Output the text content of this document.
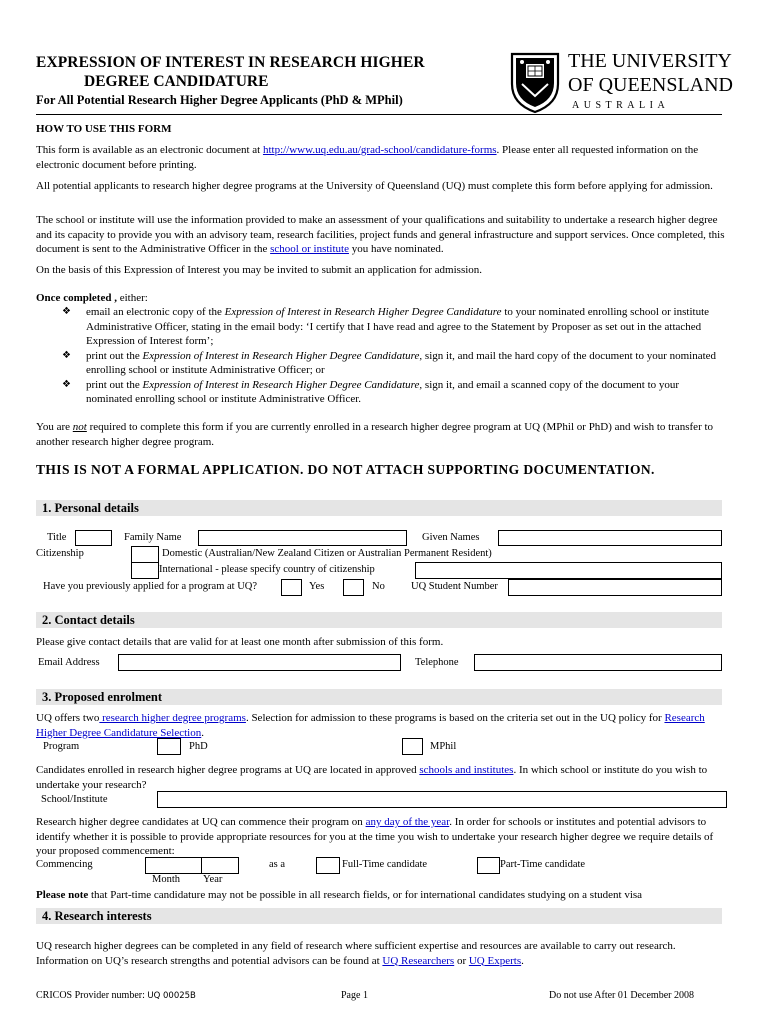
EXPRESSION OF INTEREST IN RESEARCH HIGHER
DEGREE CANDIDATURE
For All Potential Research Higher Degree Applicants (PhD & MPhil)
THE UNIVERSITY
OF QUEENSLAND
AUSTRALIA
HOW TO USE THIS FORM
This form is available as an electronic document at http://www.uq.edu.au/grad-school/candidature-forms. Please enter all requested information on the electronic document before printing.
All potential applicants to research higher degree programs at the University of Queensland (UQ) must complete this form before applying for admission.
The school or institute will use the information provided to make an assessment of your qualifications and suitability to undertake a research higher degree and its capacity to provide you with an advisory team, research facilities, project funds and general infrastructure and support services. Once completed, this document is sent to the Administrative Officer in the school or institute you have nominated.
On the basis of this Expression of Interest you may be invited to submit an application for admission.
Once completed , either:
❖ email an electronic copy of the Expression of Interest in Research Higher Degree Candidature to your nominated enrolling school or institute Administrative Officer, stating in the email body: ‘I certify that I have read and agree to the Statement by Proposer as set out in the attached Expression of Interest form’;
❖ print out the Expression of Interest in Research Higher Degree Candidature, sign it, and mail the hard copy of the document to your nominated enrolling school or institute Administrative Officer; or
❖ print out the Expression of Interest in Research Higher Degree Candidature, sign it, and email a scanned copy of the document to your nominated enrolling school or institute Administrative Officer.
You are not required to complete this form if you are currently enrolled in a research higher degree program at UQ (MPhil or PhD) and wish to transfer to another research higher degree program.
THIS IS NOT A FORMAL APPLICATION. DO NOT ATTACH SUPPORTING DOCUMENTATION.
1. Personal details
Title	Family Name	Given Names
Citizenship	Domestic (Australian/New Zealand Citizen or Australian Permanent Resident)
International - please specify country of citizenship
Have you previously applied for a program at UQ?	Yes	No UQ Student Number
2. Contact details
Please give contact details that are valid for at least one month after submission of this form.
Email Address	Telephone
3. Proposed enrolment
UQ offers two research higher degree programs. Selection for admission to these programs is based on the criteria set out in the UQ policy for Research Higher Degree Candidature Selection.
Program	PhD	MPhil
Candidates enrolled in research higher degree programs at UQ are located in approved schools and institutes. In which school or institute do you wish to undertake your research?
School/Institute
Research higher degree candidates at UQ can commence their program on any day of the year. In order for schools or institutes and potential advisors to identify whether it is possible to provide appropriate resources for you at the time you wish to undertake your research higher degree we require details of your proposed commencement:
Commencing	as a	Full-Time candidate	Part-Time candidate
Month Year
Please note that Part-time candidature may not be possible in all research fields, or for international candidates studying on a student visa
4. Research interests
UQ research higher degrees can be completed in any field of research where sufficient expertise and resources are available to carry out research. Information on UQ’s research strengths and potential advisors can be found at UQ Researchers or UQ Experts.
CRICOS Provider number: UQ 00025B	Page 1	Do not use After 01 December 2008
